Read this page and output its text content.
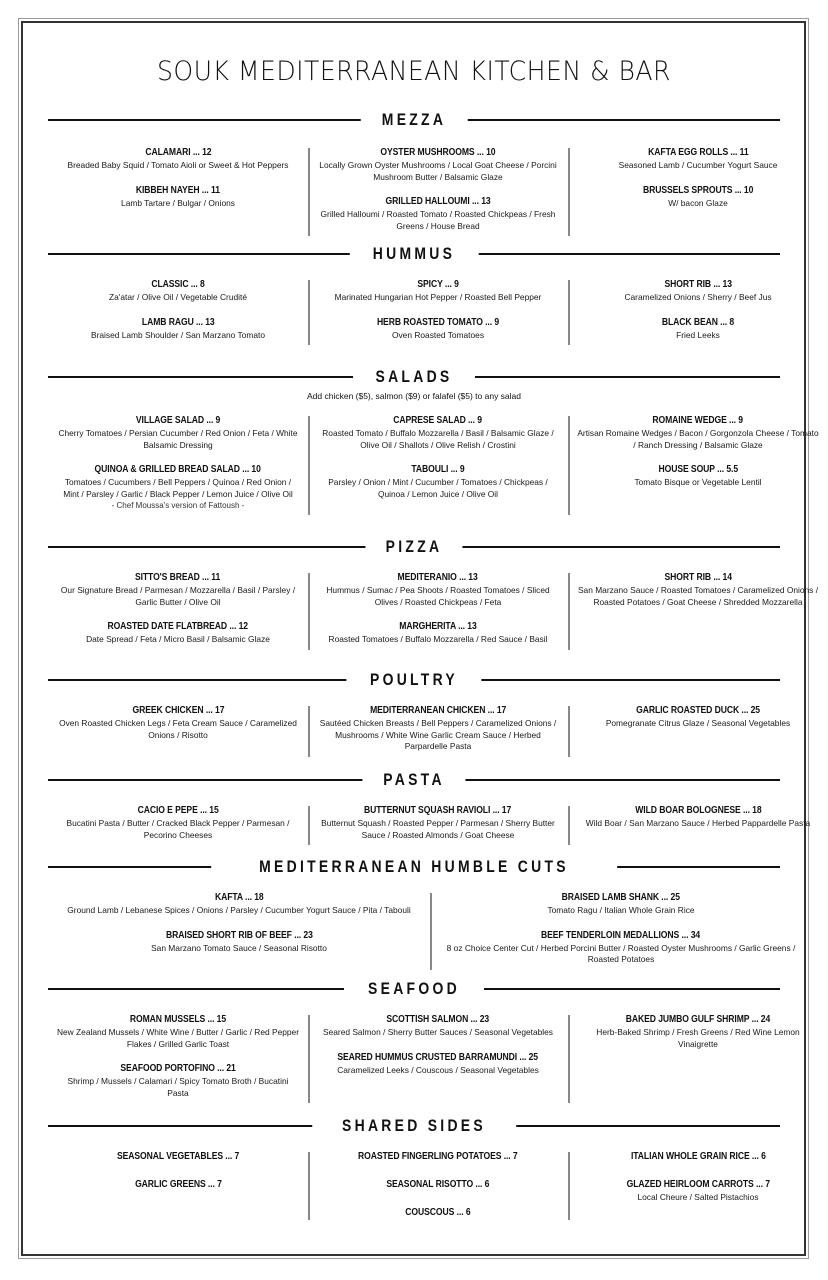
SOUK MEDITERRANEAN KITCHEN & BAR
MEZZA
CALAMARI ... 12
Breaded Baby Squid / Tomato Aioli or Sweet & Hot Peppers
KIBBEH NAYEH ... 11
Lamb Tartare / Bulgar / Onions
OYSTER MUSHROOMS ... 10
Locally Grown Oyster Mushrooms / Local Goat Cheese / Porcini Mushroom Butter / Balsamic Glaze
GRILLED HALLOUMI ... 13
Grilled Halloumi / Roasted Tomato / Roasted Chickpeas / Fresh Greens / House Bread
KAFTA EGG ROLLS ... 11
Seasoned Lamb / Cucumber Yogurt Sauce
BRUSSELS SPROUTS ... 10
W/ bacon Glaze
HUMMUS
CLASSIC ... 8
Za'atar / Olive Oil / Vegetable Crudité
LAMB RAGU ... 13
Braised Lamb Shoulder / San Marzano Tomato
SPICY ... 9
Marinated Hungarian Hot Pepper / Roasted Bell Pepper
HERB ROASTED TOMATO ... 9
Oven Roasted Tomatoes
SHORT RIB ... 13
Caramelized Onions / Sherry / Beef Jus
BLACK BEAN ... 8
Fried Leeks
SALADS
Add chicken ($5), salmon ($9) or falafel ($5) to any salad
VILLAGE SALAD ... 9
Cherry Tomatoes / Persian Cucumber / Red Onion / Feta / White Balsamic Dressing
QUINOA & GRILLED BREAD SALAD ... 10
Tomatoes / Cucumbers / Bell Peppers / Quinoa / Red Onion / Mint / Parsley / Garlic / Black Pepper / Lemon Juice / Olive Oil
- Chef Moussa's version of Fattoush -
CAPRESE SALAD ... 9
Roasted Tomato / Buffalo Mozzarella / Basil / Balsamic Glaze / Olive Oil / Shallots / Olive Relish / Crostini
TABOULI ... 9
Parsley / Onion / Mint / Cucumber / Tomatoes / Chickpeas / Quinoa / Lemon Juice / Olive Oil
ROMAINE WEDGE ... 9
Artisan Romaine Wedges / Bacon / Gorgonzola Cheese / Tomato / Ranch Dressing / Balsamic Glaze
HOUSE SOUP ... 5.5
Tomato Bisque or Vegetable Lentil
PIZZA
SITTO'S BREAD ... 11
Our Signature Bread / Parmesan / Mozzarella / Basil / Parsley / Garlic Butter / Olive Oil
ROASTED DATE FLATBREAD ... 12
Date Spread / Feta / Micro Basil / Balsamic Glaze
MEDITERANIO ... 13
Hummus / Sumac / Pea Shoots / Roasted Tomatoes / Sliced Olives / Roasted Chickpeas / Feta
MARGHERITA ... 13
Roasted Tomatoes / Buffalo Mozzarella / Red Sauce / Basil
SHORT RIB ... 14
San Marzano Sauce / Roasted Tomatoes / Caramelized Onions / Roasted Potatoes / Goat Cheese / Shredded Mozzarella
POULTRY
GREEK CHICKEN ... 17
Oven Roasted Chicken Legs / Feta Cream Sauce / Caramelized Onions / Risotto
MEDITERRANEAN CHICKEN ... 17
Sautéed Chicken Breasts / Bell Peppers / Caramelized Onions / Mushrooms / White Wine Garlic Cream Sauce / Herbed Parpardelle Pasta
GARLIC ROASTED DUCK ... 25
Pomegranate Citrus Glaze / Seasonal Vegetables
PASTA
CACIO E PEPE ... 15
Bucatini Pasta / Butter / Cracked Black Pepper / Parmesan / Pecorino Cheeses
BUTTERNUT SQUASH RAVIOLI ... 17
Butternut Squash / Roasted Pepper / Parmesan / Sherry Butter Sauce / Roasted Almonds / Goat Cheese
WILD BOAR BOLOGNESE ... 18
Wild Boar / San Marzano Sauce / Herbed Pappardelle Pasta
MEDITERRANEAN HUMBLE CUTS
KAFTA ... 18
Ground Lamb / Lebanese Spices / Onions / Parsley / Cucumber Yogurt Sauce / Pita / Tabouli
BRAISED SHORT RIB OF BEEF ... 23
San Marzano Tomato Sauce / Seasonal Risotto
BRAISED LAMB SHANK ... 25
Tomato Ragu / Italian Whole Grain Rice
BEEF TENDERLOIN MEDALLIONS ... 34
8 oz Choice Center Cut / Herbed Porcini Butter / Roasted Oyster Mushrooms / Garlic Greens / Roasted Potatoes
SEAFOOD
ROMAN MUSSELS ... 15
New Zealand Mussels / White Wine / Butter / Garlic / Red Pepper Flakes / Grilled Garlic Toast
SEAFOOD PORTOFINO ... 21
Shrimp / Mussels / Calamari / Spicy Tomato Broth / Bucatini Pasta
SCOTTISH SALMON ... 23
Seared Salmon / Sherry Butter Sauces / Seasonal Vegetables
SEARED HUMMUS CRUSTED BARRAMUNDI ... 25
Caramelized Leeks / Couscous / Seasonal Vegetables
BAKED JUMBO GULF SHRIMP ... 24
Herb-Baked Shrimp / Fresh Greens / Red Wine Lemon Vinaigrette
SHARED SIDES
SEASONAL VEGETABLES ... 7
GARLIC GREENS ... 7
ROASTED FINGERLING POTATOES ... 7
SEASONAL RISOTTO ... 6
COUSCOUS ... 6
ITALIAN WHOLE GRAIN RICE ... 6
GLAZED HEIRLOOM CARROTS ... 7
Local Cheure / Salted Pistachios
